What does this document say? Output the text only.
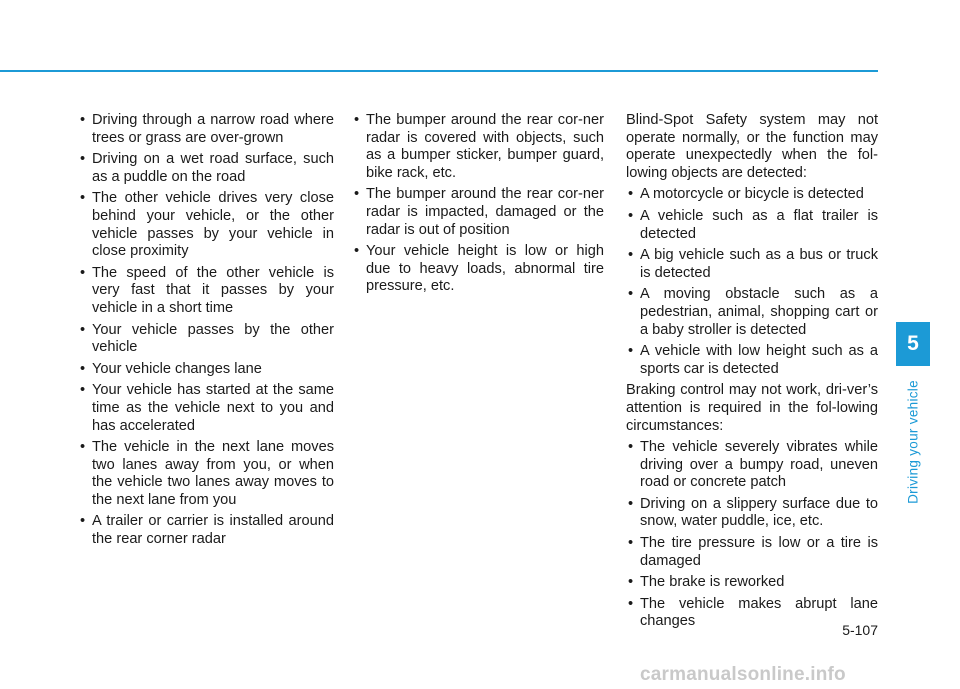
• Driving through a narrow road where trees or grass are over-grown
• Driving on a wet road surface, such as a puddle on the road
• The other vehicle drives very close behind your vehicle, or the other vehicle passes by your vehicle in close proximity
• The speed of the other vehicle is very fast that it passes by your vehicle in a short time
• Your vehicle passes by the other vehicle
• Your vehicle changes lane
• Your vehicle has started at the same time as the vehicle next to you and has accelerated
• The vehicle in the next lane moves two lanes away from you, or when the vehicle two lanes away moves to the next lane from you
• A trailer or carrier is installed around the rear corner radar
• The bumper around the rear cor-ner radar is covered with objects, such as a bumper sticker, bumper guard, bike rack, etc.
• The bumper around the rear cor-ner radar is impacted, damaged or the radar is out of position
• Your vehicle height is low or high due to heavy loads, abnormal tire pressure, etc.

Blind-Spot Safety system may not operate normally, or the function may operate unexpectedly when the fol-lowing objects are detected:

• A motorcycle or bicycle is detected
• A vehicle such as a flat trailer is detected
• A big vehicle such as a bus or truck is detected
• A moving obstacle such as a pedestrian, animal, shopping cart or a baby stroller is detected
• A vehicle with low height such as a sports car is detected

Braking control may not work, dri-ver’s attention is required in the fol-lowing circumstances:

• The vehicle severely vibrates while driving over a bumpy road, uneven road or concrete patch
• Driving on a slippery surface due to snow, water puddle, ice, etc.
• The tire pressure is low or a tire is damaged
• The brake is reworked
• The vehicle makes abrupt lane changes
5
Driving your vehicle
5-107
carmanualsonline.info
